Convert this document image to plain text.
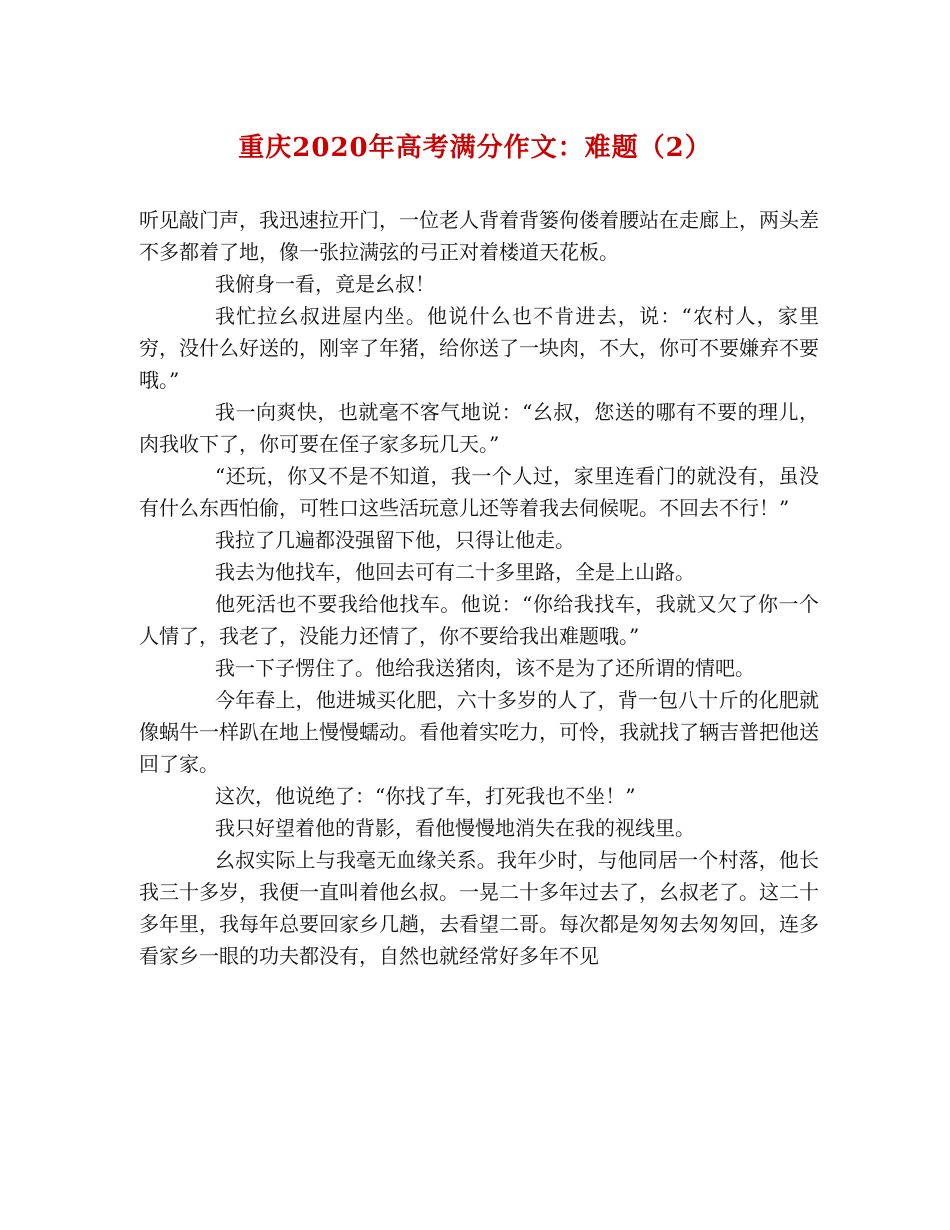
重庆2020年高考满分作文：难题（2）

听见敲门声，我迅速拉开门，一位老人背着背篓佝偻着腰站在走廊上，两头差不多都着了地，像一张拉满弦的弓正对着楼道天花板。

我俯身一看，竟是幺叔！

我忙拉幺叔进屋内坐。他说什么也不肯进去，说：“农村人，家里穷，没什么好送的，刚宰了年猪，给你送了一块肉，不大，你可不要嫌弃不要哦。”

我一向爽快，也就毫不客气地说：“幺叔，您送的哪有不要的理儿，肉我收下了，你可要在侄子家多玩几天。”

“还玩，你又不是不知道，我一个人过，家里连看门的就没有，虽没有什么东西怕偷，可牲口这些活玩意儿还等着我去伺候呢。不回去不行！”

我拉了几遍都没强留下他，只得让他走。

我去为他找车，他回去可有二十多里路，全是上山路。

他死活也不要我给他找车。他说：“你给我找车，我就又欠了你一个人情了，我老了，没能力还情了，你不要给我出难题哦。”

我一下子愣住了。他给我送猪肉，该不是为了还所谓的情吧。

今年春上，他进城买化肥，六十多岁的人了，背一包八十斤的化肥就像蜗牛一样趴在地上慢慢蠕动。看他着实吃力，可怜，我就找了辆吉普把他送回了家。

这次，他说绝了：“你找了车，打死我也不坐！”

我只好望着他的背影，看他慢慢地消失在我的视线里。

幺叔实际上与我毫无血缘关系。我年少时，与他同居一个村落，他长我三十多岁，我便一直叫着他幺叔。一晃二十多年过去了，幺叔老了。这二十多年里，我每年总要回家乡几趟，去看望二哥。每次都是匆匆去匆匆回，连多看家乡一眼的功夫都没有，自然也就经常好多年不见
